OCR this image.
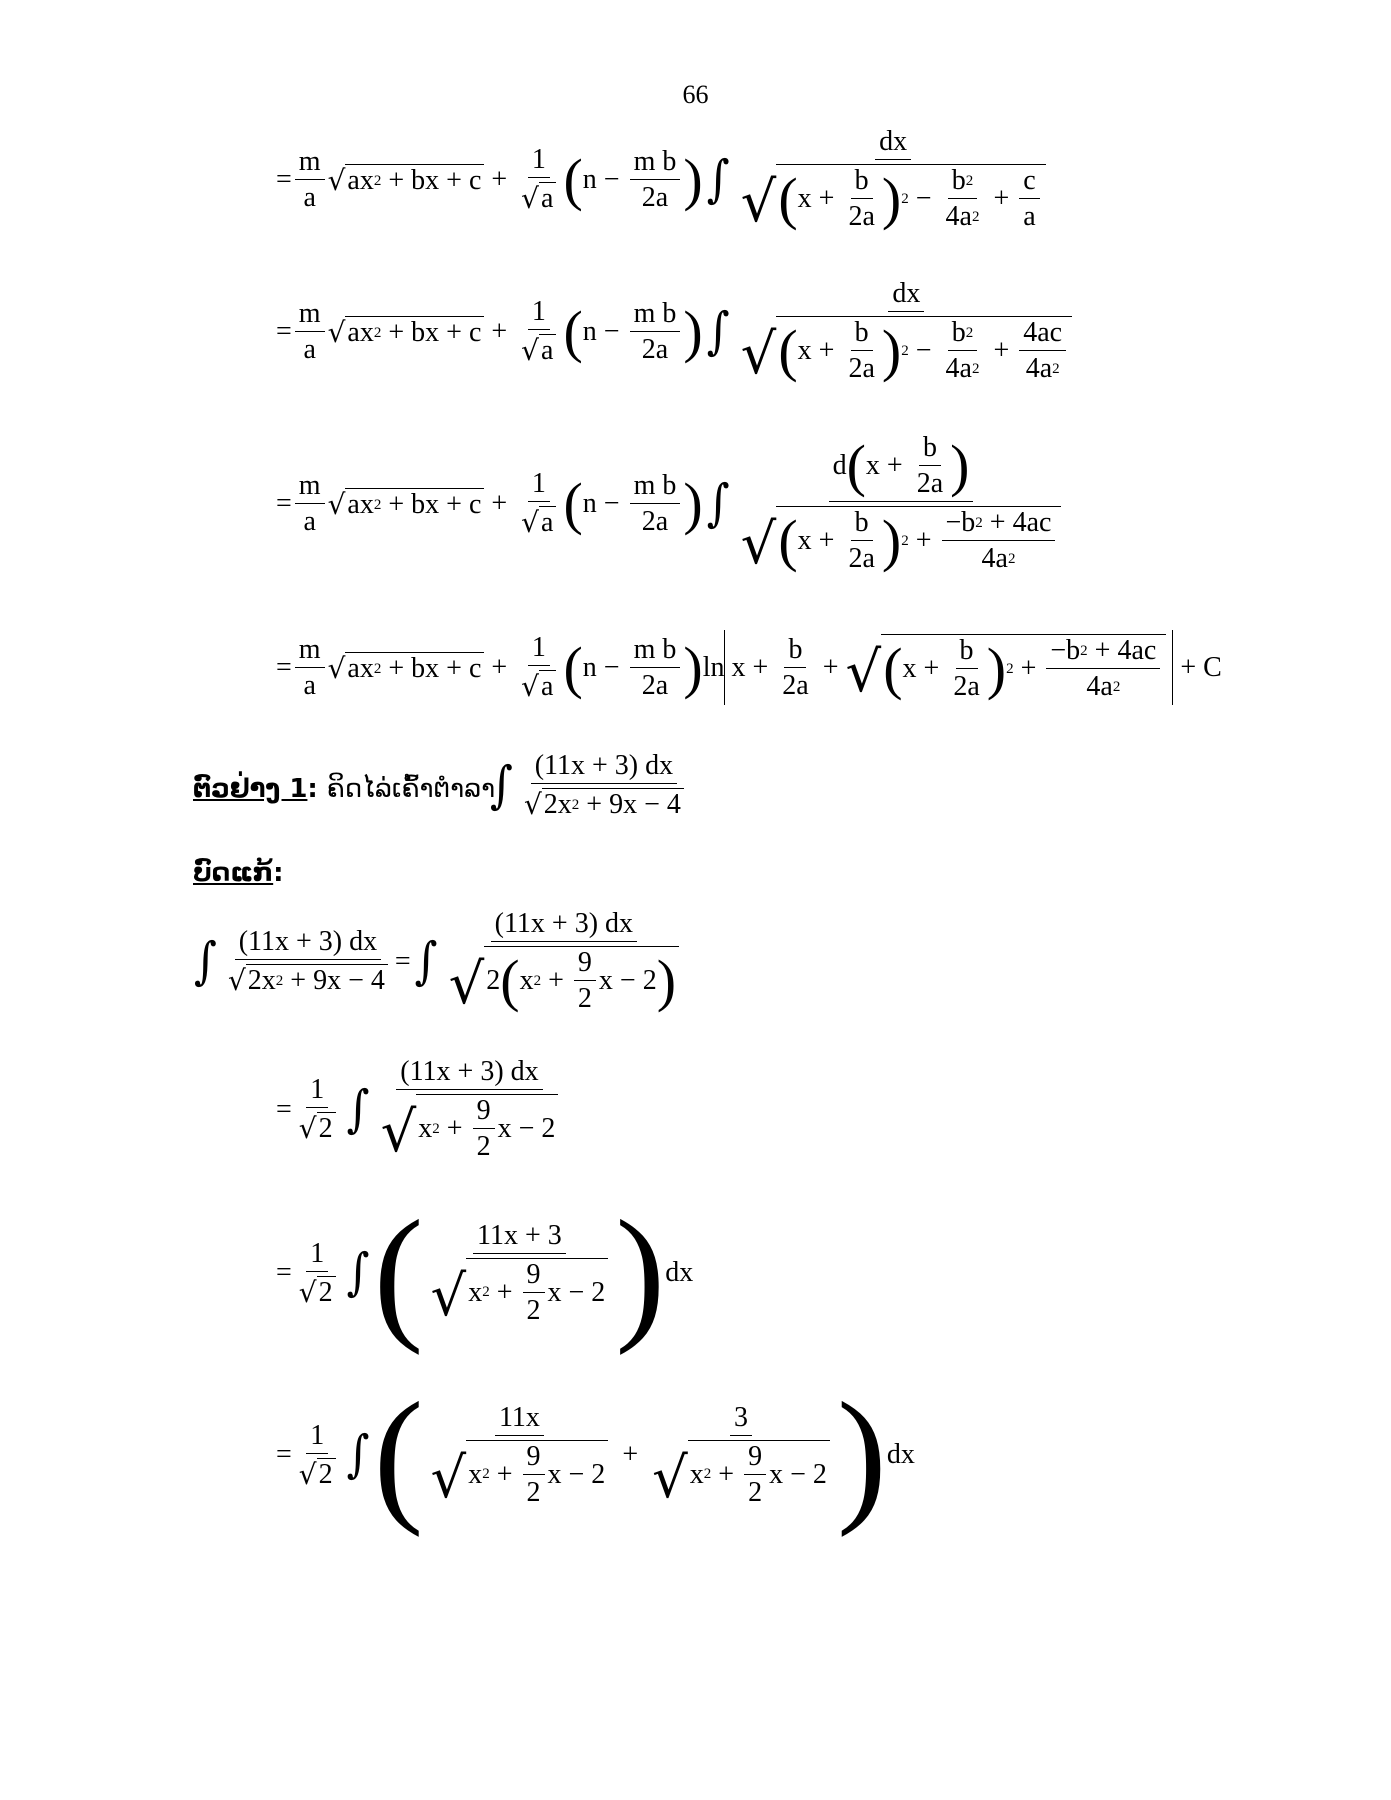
66
= $\frac{m}{a}$ √ ax 2
+ bx + $c + \frac{1}{√ a}$ ( $n - \frac{\text{m b}}{2a}$ ) ∫ $\frac{dx}{√ ( x + \frac{b}{2a} ) 2 - \frac{b 2}{4a 2} + \frac{c}{a}}$
= $\frac{m}{a}$ √ ax 2
+ bx + $c + \frac{1}{√ a}$ ( $n - \frac{\text{m b}}{2a}$ ) ∫ $\frac{dx}{√ ( x + \frac{b}{2a} ) 2 - \frac{b 2}{4a 2} + \frac{4ac}{4a 2}}$
= $\frac{m}{a}$ √ ax 2
+ bx + $c + \frac{1}{√ a}$ ( $n - \frac{\text{m b}}{2a}$ ) ∫ d ( $x + \frac{b}{2a}$ )
√ ( $x + \frac{b}{2a}$ ) 2 + −b 2
+ 4ac
4a 2
= $\frac{m}{a}$ √ ax 2
+ bx + $c + \frac{1}{√ a}$ ( $n - \frac{\text{m b}}{2a}$ ) $\ln x + \frac{b}{2a}$ + √ ( $x + \frac{b}{2a}$ ) 2 + −b 2
+ 4ac
4a 2 + C
ຕົວຢ່າງ 1: ຄິດໄລ່ເຄົ້າຕຳລາ
∫ (11x + 3) dx
√ 2x 2
+ 9x − 4
ບົດແກ້:
∫ (11x + 3) dx
√ 2x 2
+ 9x − 4 = ∫ $\frac{(11x + 3) dx}{√ 2 ( x 2 + \frac{9}{2} x - 2 )}$
= $\frac{1}{√ 2}$ ∫ $\frac{(11x + 3) dx}{√ x 2 + \frac{9}{2} x - 2}$
= $\frac{1}{√ 2}$ ∫ ( $\frac{11x + 3}{√ x 2 + \frac{9}{2} x - 2}$ ) dx
= $\frac{1}{√ 2}$ ∫ ( $\frac{11x}{√ x 2 + \frac{9}{2} x - 2} + \frac{3}{√ x 2 + \frac{9}{2} x - 2}$ ) dx
